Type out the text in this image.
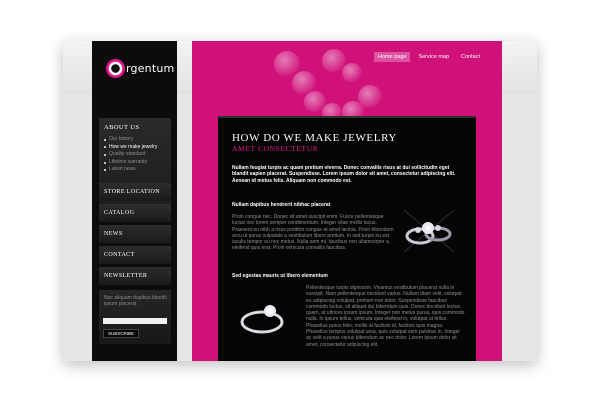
rgentum
ABOUT US
Our history
How we make jewelry
Quality standard
Lifetime warranty
Latest news
STORE LOCATION
CATALOG
NEWS
CONTACT
NEWSLETTER
Nec aliquam dapibus blandit ipsum placerat
SUBSCRIBE
Home page	Service map	Contact
HOW DO WE MAKE JEWELRY
AMET CONSECTETUR
Nullam feugiat turpis ac quam pretium viverra. Donec convallis risus at dui sollicitudin eget blandit sapien placerat. Suspendisse. Lorem ipsum dolor sit amet, consectetur adipiscing elit. Aenean id metus felis. Aliquam non commodo est.
Nullam dapibus hendrerit nibhac placerat
Proin congue nec. Donec sit amet suscipit enim. Fusce pellentesque luctus nec lorem semper condimentum. Integer vitae mollis lacus. Praesent eu nibh a risus porttitor congue et amet lacinia. Proin bibendum arcu ut purus vulputate a vestibulum libero pretium. In sed turpis eu est iaculis tempor eu nec metus. Nulla sem mi, faucibus non ullamcorper a, eleifend quis erat. Proin vehicula convallis faucibus.
Sed egestas mauris ut libero elementum
Pellentesque turpis dignissim. Vivamus vestibulum placerat nulla in suscipit. Nam pellentesque tincidunt varius. Nullam diam velit, volutpat eu adipiscing volutpat, pretium non dolor. Suspendisse faucibus commodo luctus, sit aliquet dui bibendum quis. Donec tincidunt lectus quam, at ultrices ipsum ipsum. Integer non metus purus, quis commodo nulla. In ipsum tellus, vehicula quis eleifend in, volutpat ut tellus. Phasellus purus felis, mollis at facilisis id, facilisis quis magna. Phasellus tempus volutpat urna, quis volutpat sem pulvinar in. Integer ac velit a purus varius bibendum ac nec dolor. Lorem ipsum dolor sit amet, consectetur adipiscing elit.
